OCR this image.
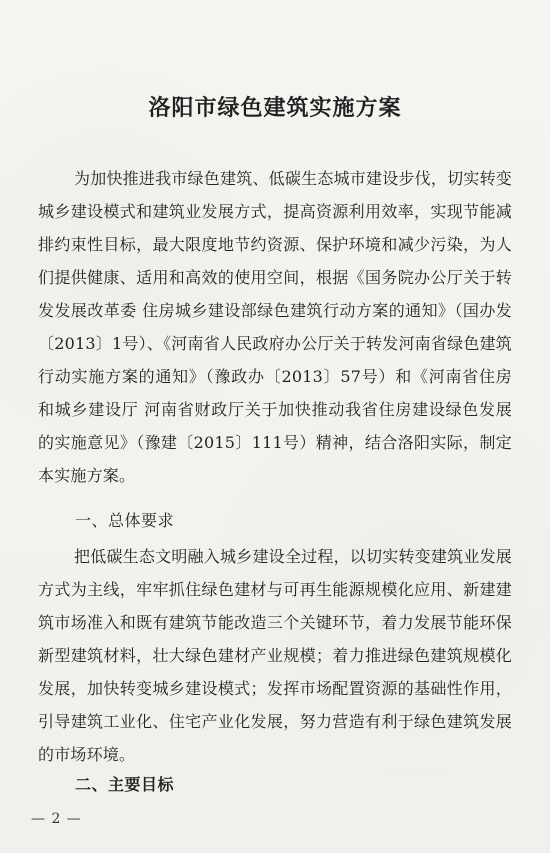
洛阳市绿色建筑实施方案
为加快推进我市绿色建筑、低碳生态城市建设步伐，切实转变城乡建设模式和建筑业发展方式，提高资源利用效率，实现节能减排约束性目标，最大限度地节约资源、保护环境和减少污染，为人们提供健康、适用和高效的使用空间，根据《国务院办公厅关于转发发展改革委 住房城乡建设部绿色建筑行动方案的通知》（国办发〔2013〕1号）、《河南省人民政府办公厅关于转发河南省绿色建筑行动实施方案的通知》（豫政办〔2013〕57号）和《河南省住房和城乡建设厅 河南省财政厅关于加快推动我省住房建设绿色发展的实施意见》（豫建〔2015〕111号）精神，结合洛阳实际，制定本实施方案。
一、总体要求
把低碳生态文明融入城乡建设全过程，以切实转变建筑业发展方式为主线，牢牢抓住绿色建材与可再生能源规模化应用、新建建筑市场准入和既有建筑节能改造三个关键环节，着力发展节能环保新型建筑材料，壮大绿色建材产业规模；着力推进绿色建筑规模化发展，加快转变城乡建设模式；发挥市场配置资源的基础性作用，引导建筑工业化、住宅产业化发展，努力营造有利于绿色建筑发展的市场环境。
二、主要目标
— 2 —
